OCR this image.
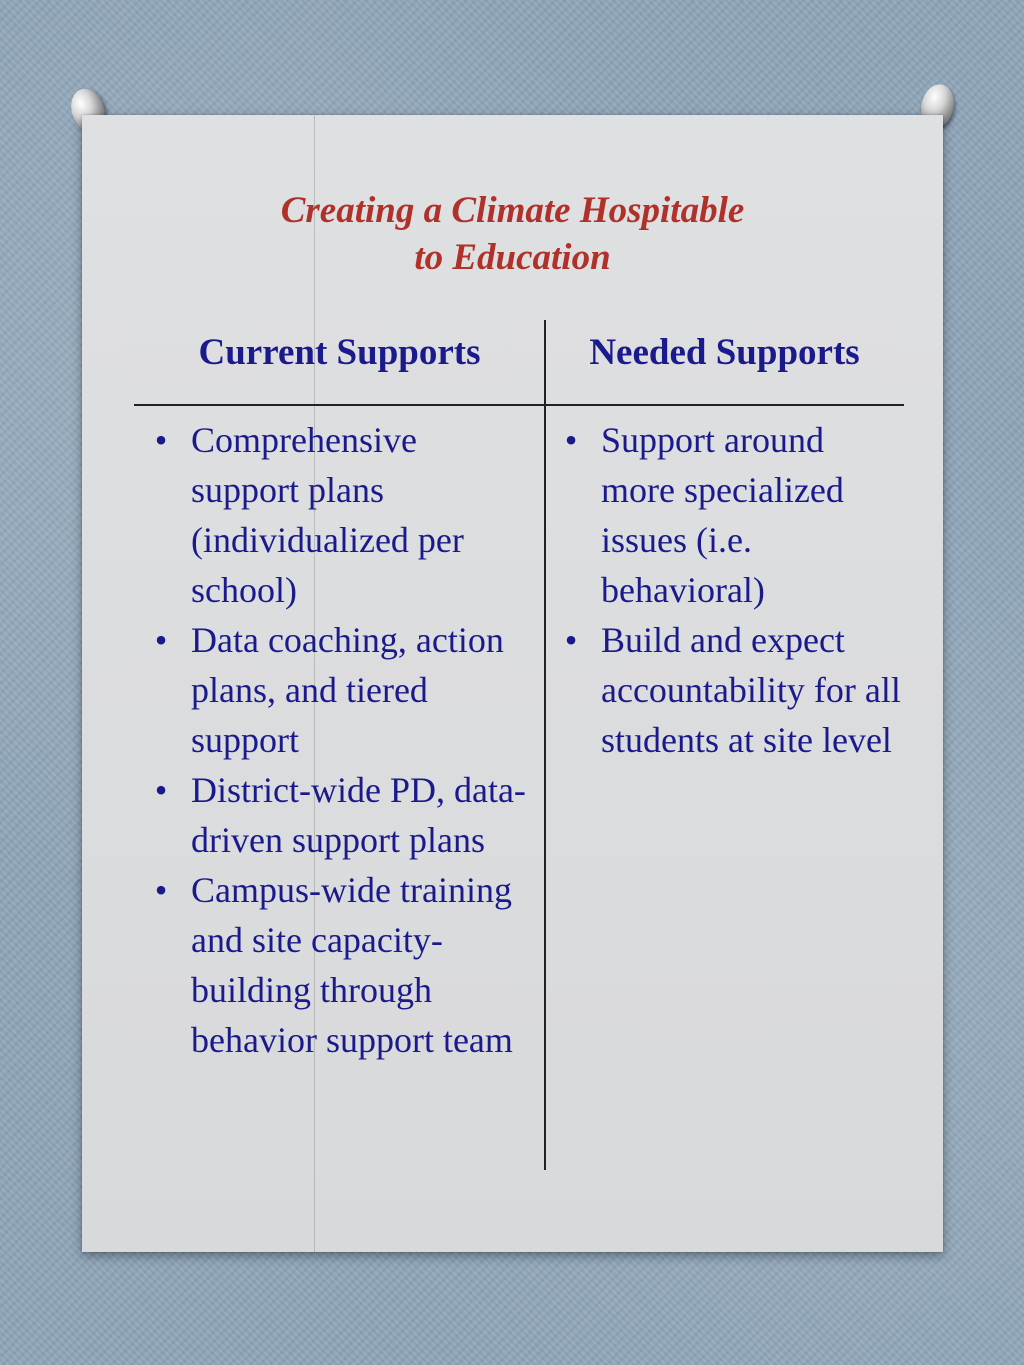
Creating a Climate Hospitable
to Education
Current Supports	Needed Supports
• Comprehensive support plans (individualized per school)
• Data coaching, action plans, and tiered support
• District-wide PD, data-driven support plans
• Campus-wide training and site capacity-building through behavior support team
• Support around more specialized issues (i.e. behavioral)
• Build and expect accountability for all students at site level
